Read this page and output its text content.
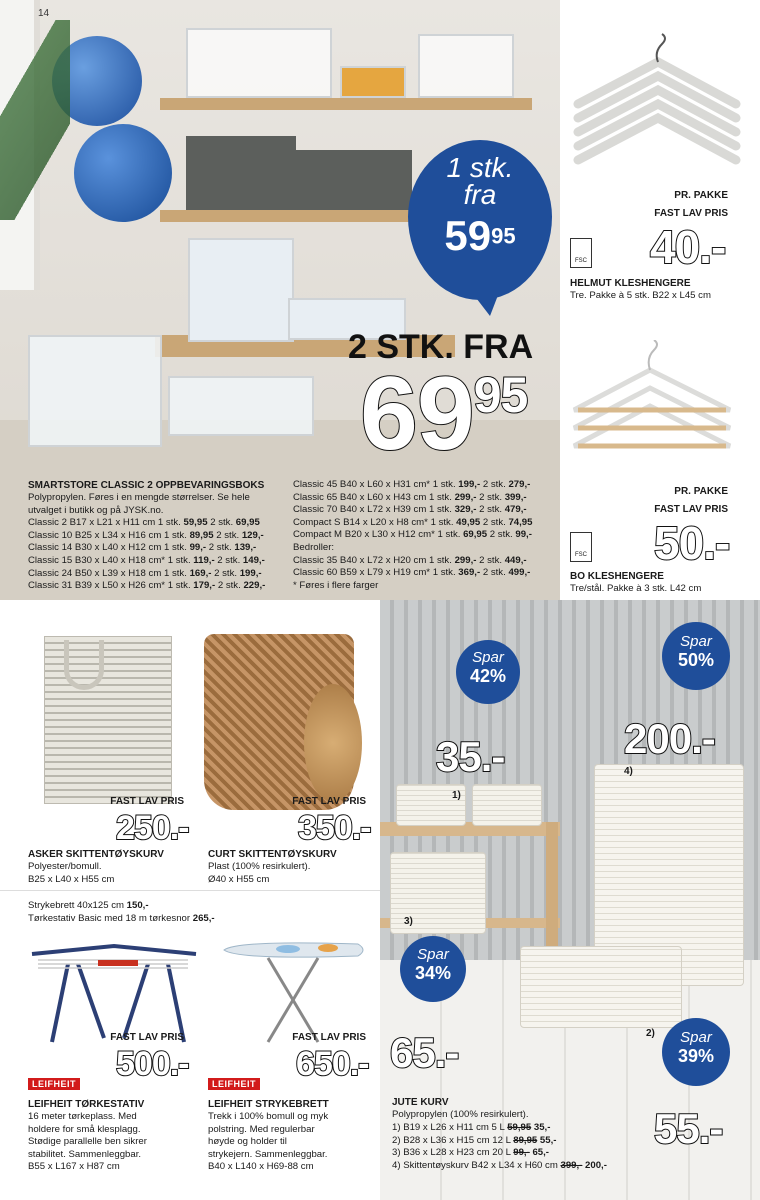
1 stk.
fra
$59^{95}$
2 STK. FRA
$69^{95}$
SMARTSTORE CLASSIC 2 OPPBEVARINGSBOKS
Polypropylen. Føres i en mengde størrelser. Se hele
utvalget i butikk og på JYSK.no.
Classic 2 B17 x L21 x H11 cm 1 stk. 59,95 2 stk. 69,95
Classic 10 B25 x L34 x H16 cm 1 stk. 89,95 2 stk. 129,-
Classic 14 B30 x L40 x H12 cm 1 stk. 99,- 2 stk. 139,-
Classic 15 B30 x L40 x H18 cm* 1 stk. 119,- 2 stk. 149,-
Classic 24 B50 x L39 x H18 cm 1 stk. 169,- 2 stk. 199,-
Classic 31 B39 x L50 x H26 cm* 1 stk. 179,- 2 stk. 229,-
Classic 45 B40 x L60 x H31 cm* 1 stk. 199,- 2 stk. 279,-
Classic 65 B40 x L60 x H43 cm 1 stk. 299,- 2 stk. 399,-
Classic 70 B40 x L72 x H39 cm 1 stk. 329,- 2 stk. 479,-
Compact S B14 x L20 x H8 cm* 1 stk. 49,95 2 stk. 74,95
Compact M B20 x L30 x H12 cm* 1 stk. 69,95 2 stk. 99,-
Bedroller:
Classic 35 B40 x L72 x H20 cm 1 stk. 299,- 2 stk. 449,-
Classic 60 B59 x L79 x H19 cm* 1 stk. 369,- 2 stk. 499,-
* Føres i flere farger
14
PR. PAKKE
FAST LAV PRIS
FSC 40.-
HELMUT KLESHENGERE
Tre. Pakke à 5 stk. B22 x L45 cm
PR. PAKKE
FAST LAV PRIS
FSC 50.-
BO KLESHENGERE
Tre/stål. Pakke à 3 stk. L42 cm
FAST LAV PRIS
250.-
ASKER SKITTENTØYSKURV
Polyester/bomull.
B25 x L40 x H55 cm
FAST LAV PRIS
350.-
CURT SKITTENTØYSKURV
Plast (100% resirkulert).
Ø40 x H55 cm
Strykebrett 40x125 cm 150,-
Tørkestativ Basic med 18 m tørkesnor 265,-
FAST LAV PRIS
500.-
LEIFHEIT
LEIFHEIT TØRKESTATIV
16 meter tørkeplass. Med
holdere for små klesplagg.
Stødige parallelle ben sikrer
stabilitet. Sammenleggbar.
B55 x L167 x H87 cm
FAST LAV PRIS
650.-
LEIFHEIT
LEIFHEIT STRYKEBRETT
Trekk i 100% bomull og myk
polstring. Med regulerbar
høyde og holder til
strykejern. Sammenleggbar.
B40 x L140 x H69-88 cm
1)
2)
3)
4)
Spar
42%
Spar
50%
Spar
34%
Spar
39%
35.-	200.-
65.-
55.-
JUTE KURV
Polypropylen (100% resirkulert).
1) B19 x L26 x H11 cm 5 L 59,95 35,-
2) B28 x L36 x H15 cm 12 L 89,95 55,-
3) B36 x L28 x H23 cm 20 L 99,- 65,-
4) Skittentøyskurv B42 x L34 x H60 cm 399,- 200,-
